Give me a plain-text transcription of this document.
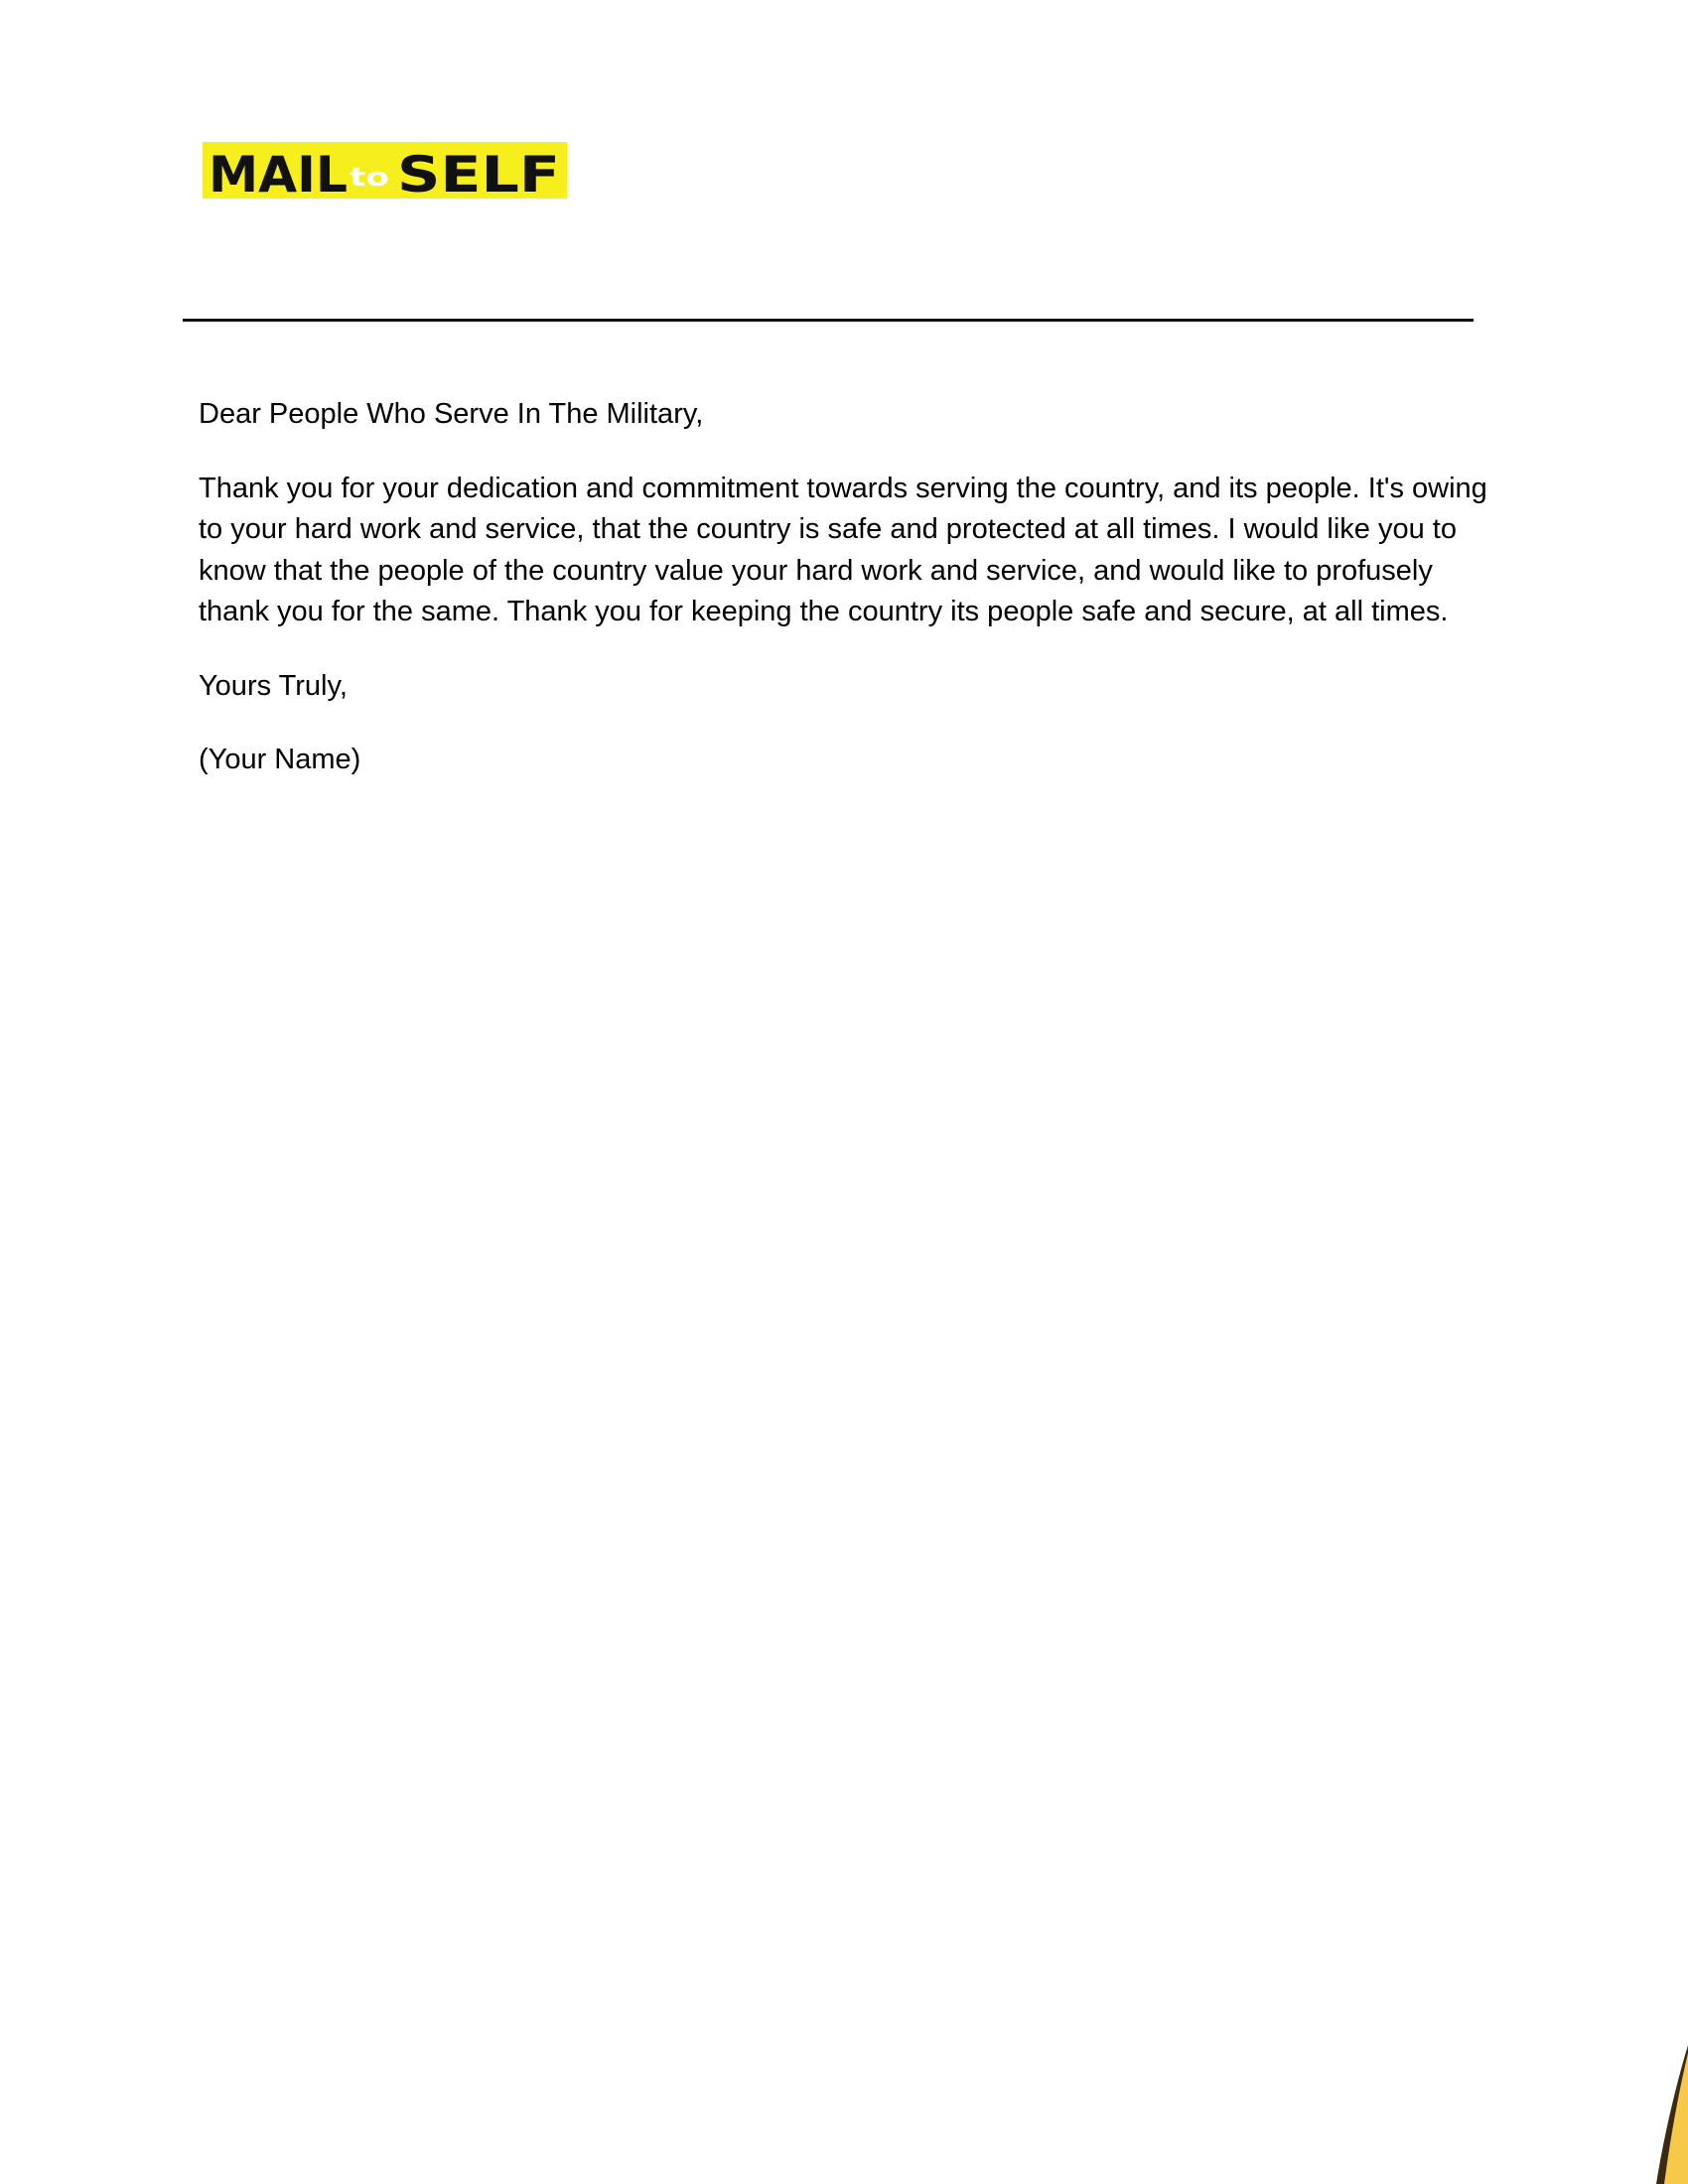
MAIL to SELF

Dear People Who Serve In The Military,

Thank you for your dedication and commitment towards serving the country, and its people. It's owing to your hard work and service, that the country is safe and protected at all times. I would like you to know that the people of the country value your hard work and service, and would like to profusely thank you for the same. Thank you for keeping the country its people safe and secure, at all times.

Yours Truly,

(Your Name)
